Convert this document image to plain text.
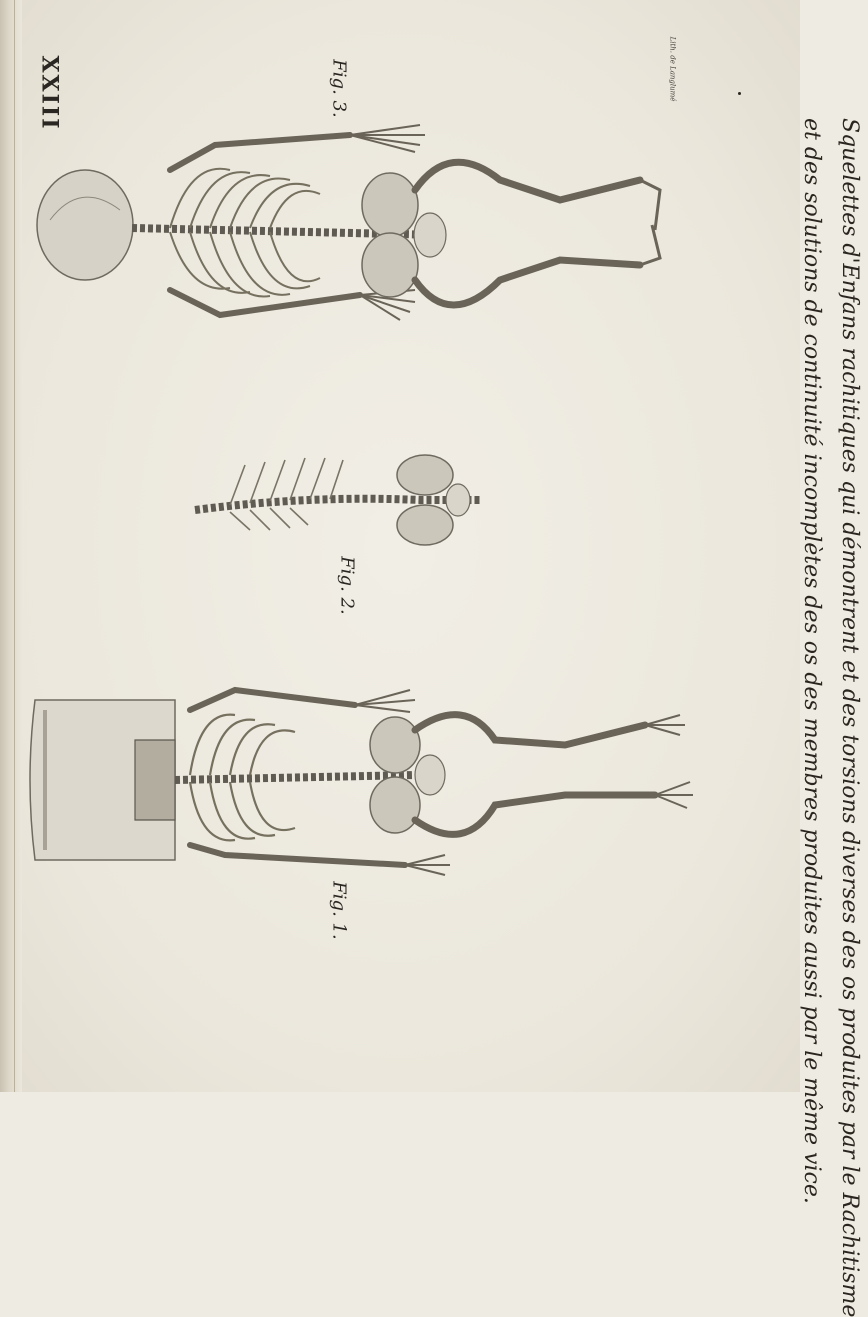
XXIII	Lith. de Langlumé
Fig. 3.
Fig. 2.
Fig. 1.	Squelettes d'Enfans rachitiques qui démontrent et des torsions diverses des os produites par le Rachitisme
et des solutions de continuité incomplètes des os des membres produites aussi par le même vice.
